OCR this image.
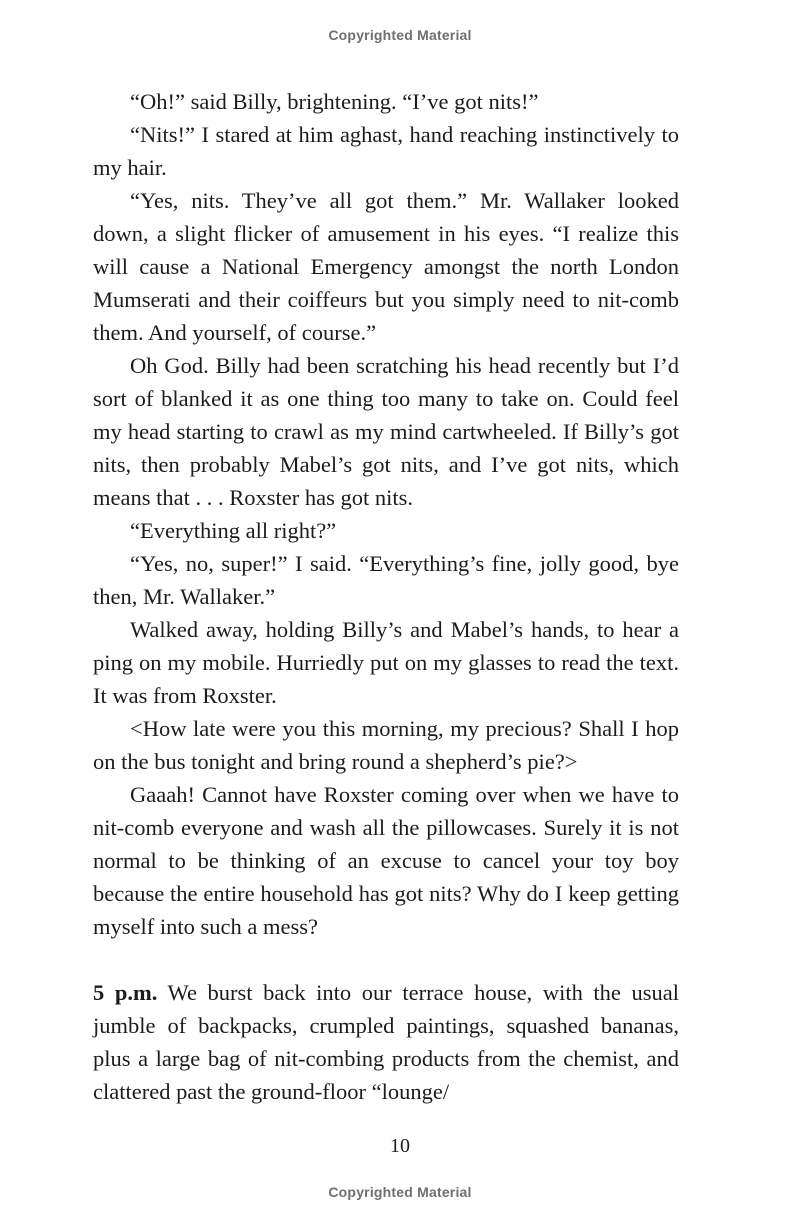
Copyrighted Material

“Oh!” said Billy, brightening. “I’ve got nits!”

“Nits!” I stared at him aghast, hand reaching instinctively to my hair.

“Yes, nits. They’ve all got them.” Mr. Wallaker looked down, a slight flicker of amusement in his eyes. “I realize this will cause a National Emergency amongst the north London Mumserati and their coiffeurs but you simply need to nit-comb them. And yourself, of course.”

Oh God. Billy had been scratching his head recently but I’d sort of blanked it as one thing too many to take on. Could feel my head starting to crawl as my mind cartwheeled. If Billy’s got nits, then probably Mabel’s got nits, and I’ve got nits, which means that . . . Roxster has got nits.

“Everything all right?”

“Yes, no, super!” I said. “Everything’s fine, jolly good, bye then, Mr. Wallaker.”

Walked away, holding Billy’s and Mabel’s hands, to hear a ping on my mobile. Hurriedly put on my glasses to read the text. It was from Roxster.

<How late were you this morning, my precious? Shall I hop on the bus tonight and bring round a shepherd’s pie?>

Gaaah! Cannot have Roxster coming over when we have to nit-comb everyone and wash all the pillowcases. Surely it is not normal to be thinking of an excuse to cancel your toy boy because the entire household has got nits? Why do I keep getting myself into such a mess?

5 p.m. We burst back into our terrace house, with the usual jumble of backpacks, crumpled paintings, squashed bananas, plus a large bag of nit-combing products from the chemist, and clattered past the ground-floor “lounge/

10
Copyrighted Material
